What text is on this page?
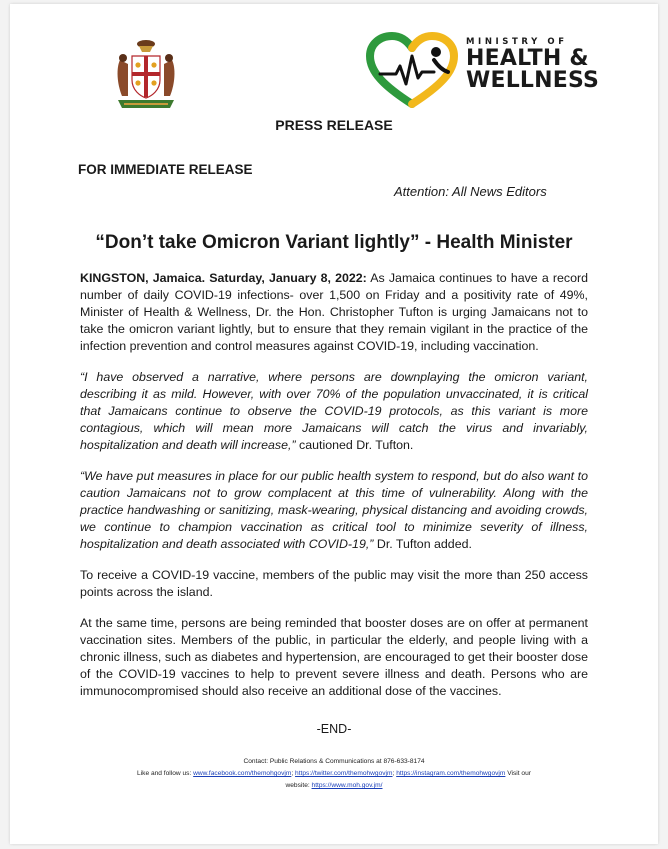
MINISTRY OF
HEALTH &
WELLNESS
PRESS RELEASE
FOR IMMEDIATE RELEASE
Attention: All News Editors
“Don’t take Omicron Variant lightly” - Health Minister

KINGSTON, Jamaica. Saturday, January 8, 2022: As Jamaica continues to have a record number of daily COVID-19 infections- over 1,500 on Friday and a positivity rate of 49%, Minister of Health & Wellness, Dr. the Hon. Christopher Tufton is urging Jamaicans not to take the omicron variant lightly, but to ensure that they remain vigilant in the practice of the infection prevention and control measures against COVID-19, including vaccination.

“I have observed a narrative, where persons are downplaying the omicron variant, describing it as mild. However, with over 70% of the population unvaccinated, it is critical that Jamaicans continue to observe the COVID-19 protocols, as this variant is more contagious, which will mean more Jamaicans will catch the virus and invariably, hospitalization and death will increase,” cautioned Dr. Tufton.

“We have put measures in place for our public health system to respond, but do also want to caution Jamaicans not to grow complacent at this time of vulnerability. Along with the practice handwashing or sanitizing, mask-wearing, physical distancing and avoiding crowds, we continue to champion vaccination as critical tool to minimize severity of illness, hospitalization and death associated with COVID-19,” Dr. Tufton added.

To receive a COVID-19 vaccine, members of the public may visit the more than 250 access points across the island.

At the same time, persons are being reminded that booster doses are on offer at permanent vaccination sites. Members of the public, in particular the elderly, and people living with a chronic illness, such as diabetes and hypertension, are encouraged to get their booster dose of the COVID-19 vaccines to help to prevent severe illness and death. Persons who are immunocompromised should also receive an additional dose of the vaccines.

-END-
Contact: Public Relations & Communications at 876-633-8174
Like and follow us: www.facebook.com/themohgovjm; https://twitter.com/themohwgovjm; https://instagram.com/themohwgovjm Visit our
website: https://www.moh.gov.jm/
